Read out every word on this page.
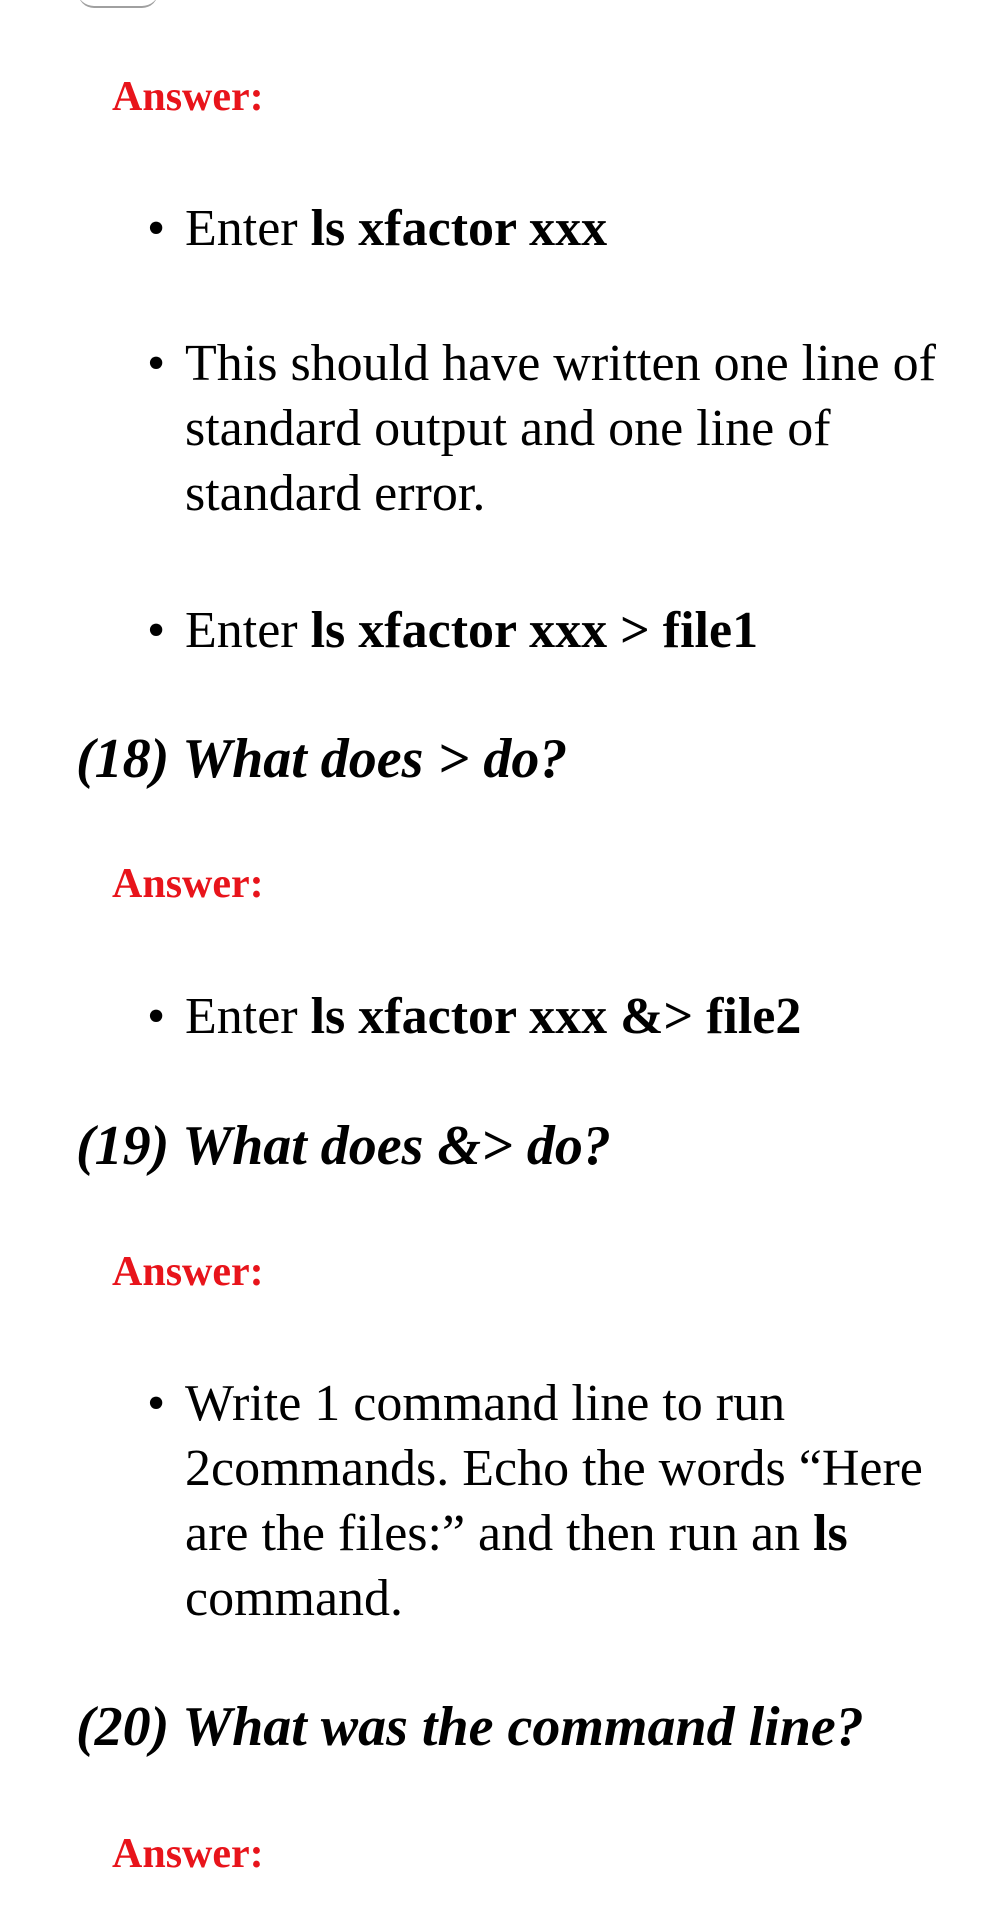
Answer:

• Enter ls xfactor xxx
• This should have written one line of standard output and one line of standard error.
• Enter ls xfactor xxx > file1

(18) What does > do?

Answer:

• Enter ls xfactor xxx &> file2

(19) What does &> do?

Answer:

• Write 1 command line to run 2commands. Echo the words “Here are the files:” and then run an ls command.

(20) What was the command line?

Answer:
